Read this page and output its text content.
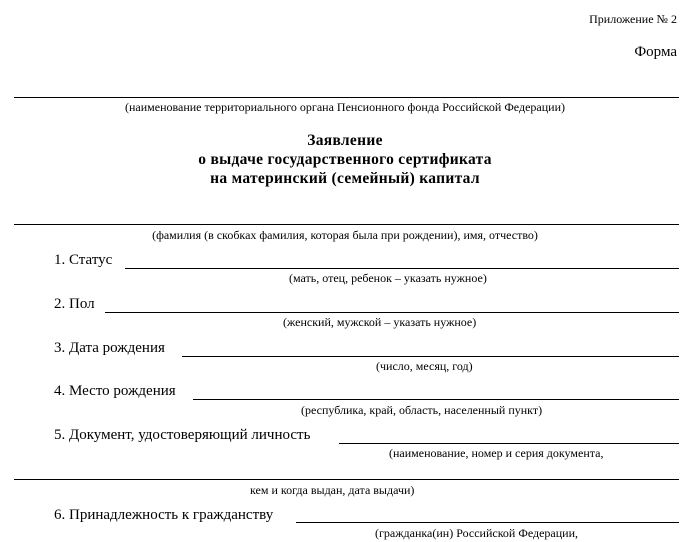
Приложение № 2
Форма
(наименование территориального органа Пенсионного фонда Российской Федерации)
Заявление
о выдаче государственного сертификата
на материнский (семейный) капитал
(фамилия (в скобках фамилия, которая была при рождении), имя, отчество)
1. Статус
(мать, отец, ребенок – указать нужное)
2. Пол
(женский, мужской – указать нужное)
3. Дата рождения
(число, месяц, год)
4. Место рождения
(республика, край, область, населенный пункт)
5. Документ, удостоверяющий личность
(наименование, номер и серия документа,
кем и когда выдан, дата выдачи)
6. Принадлежность к гражданству
(гражданка(ин) Российской Федерации,
